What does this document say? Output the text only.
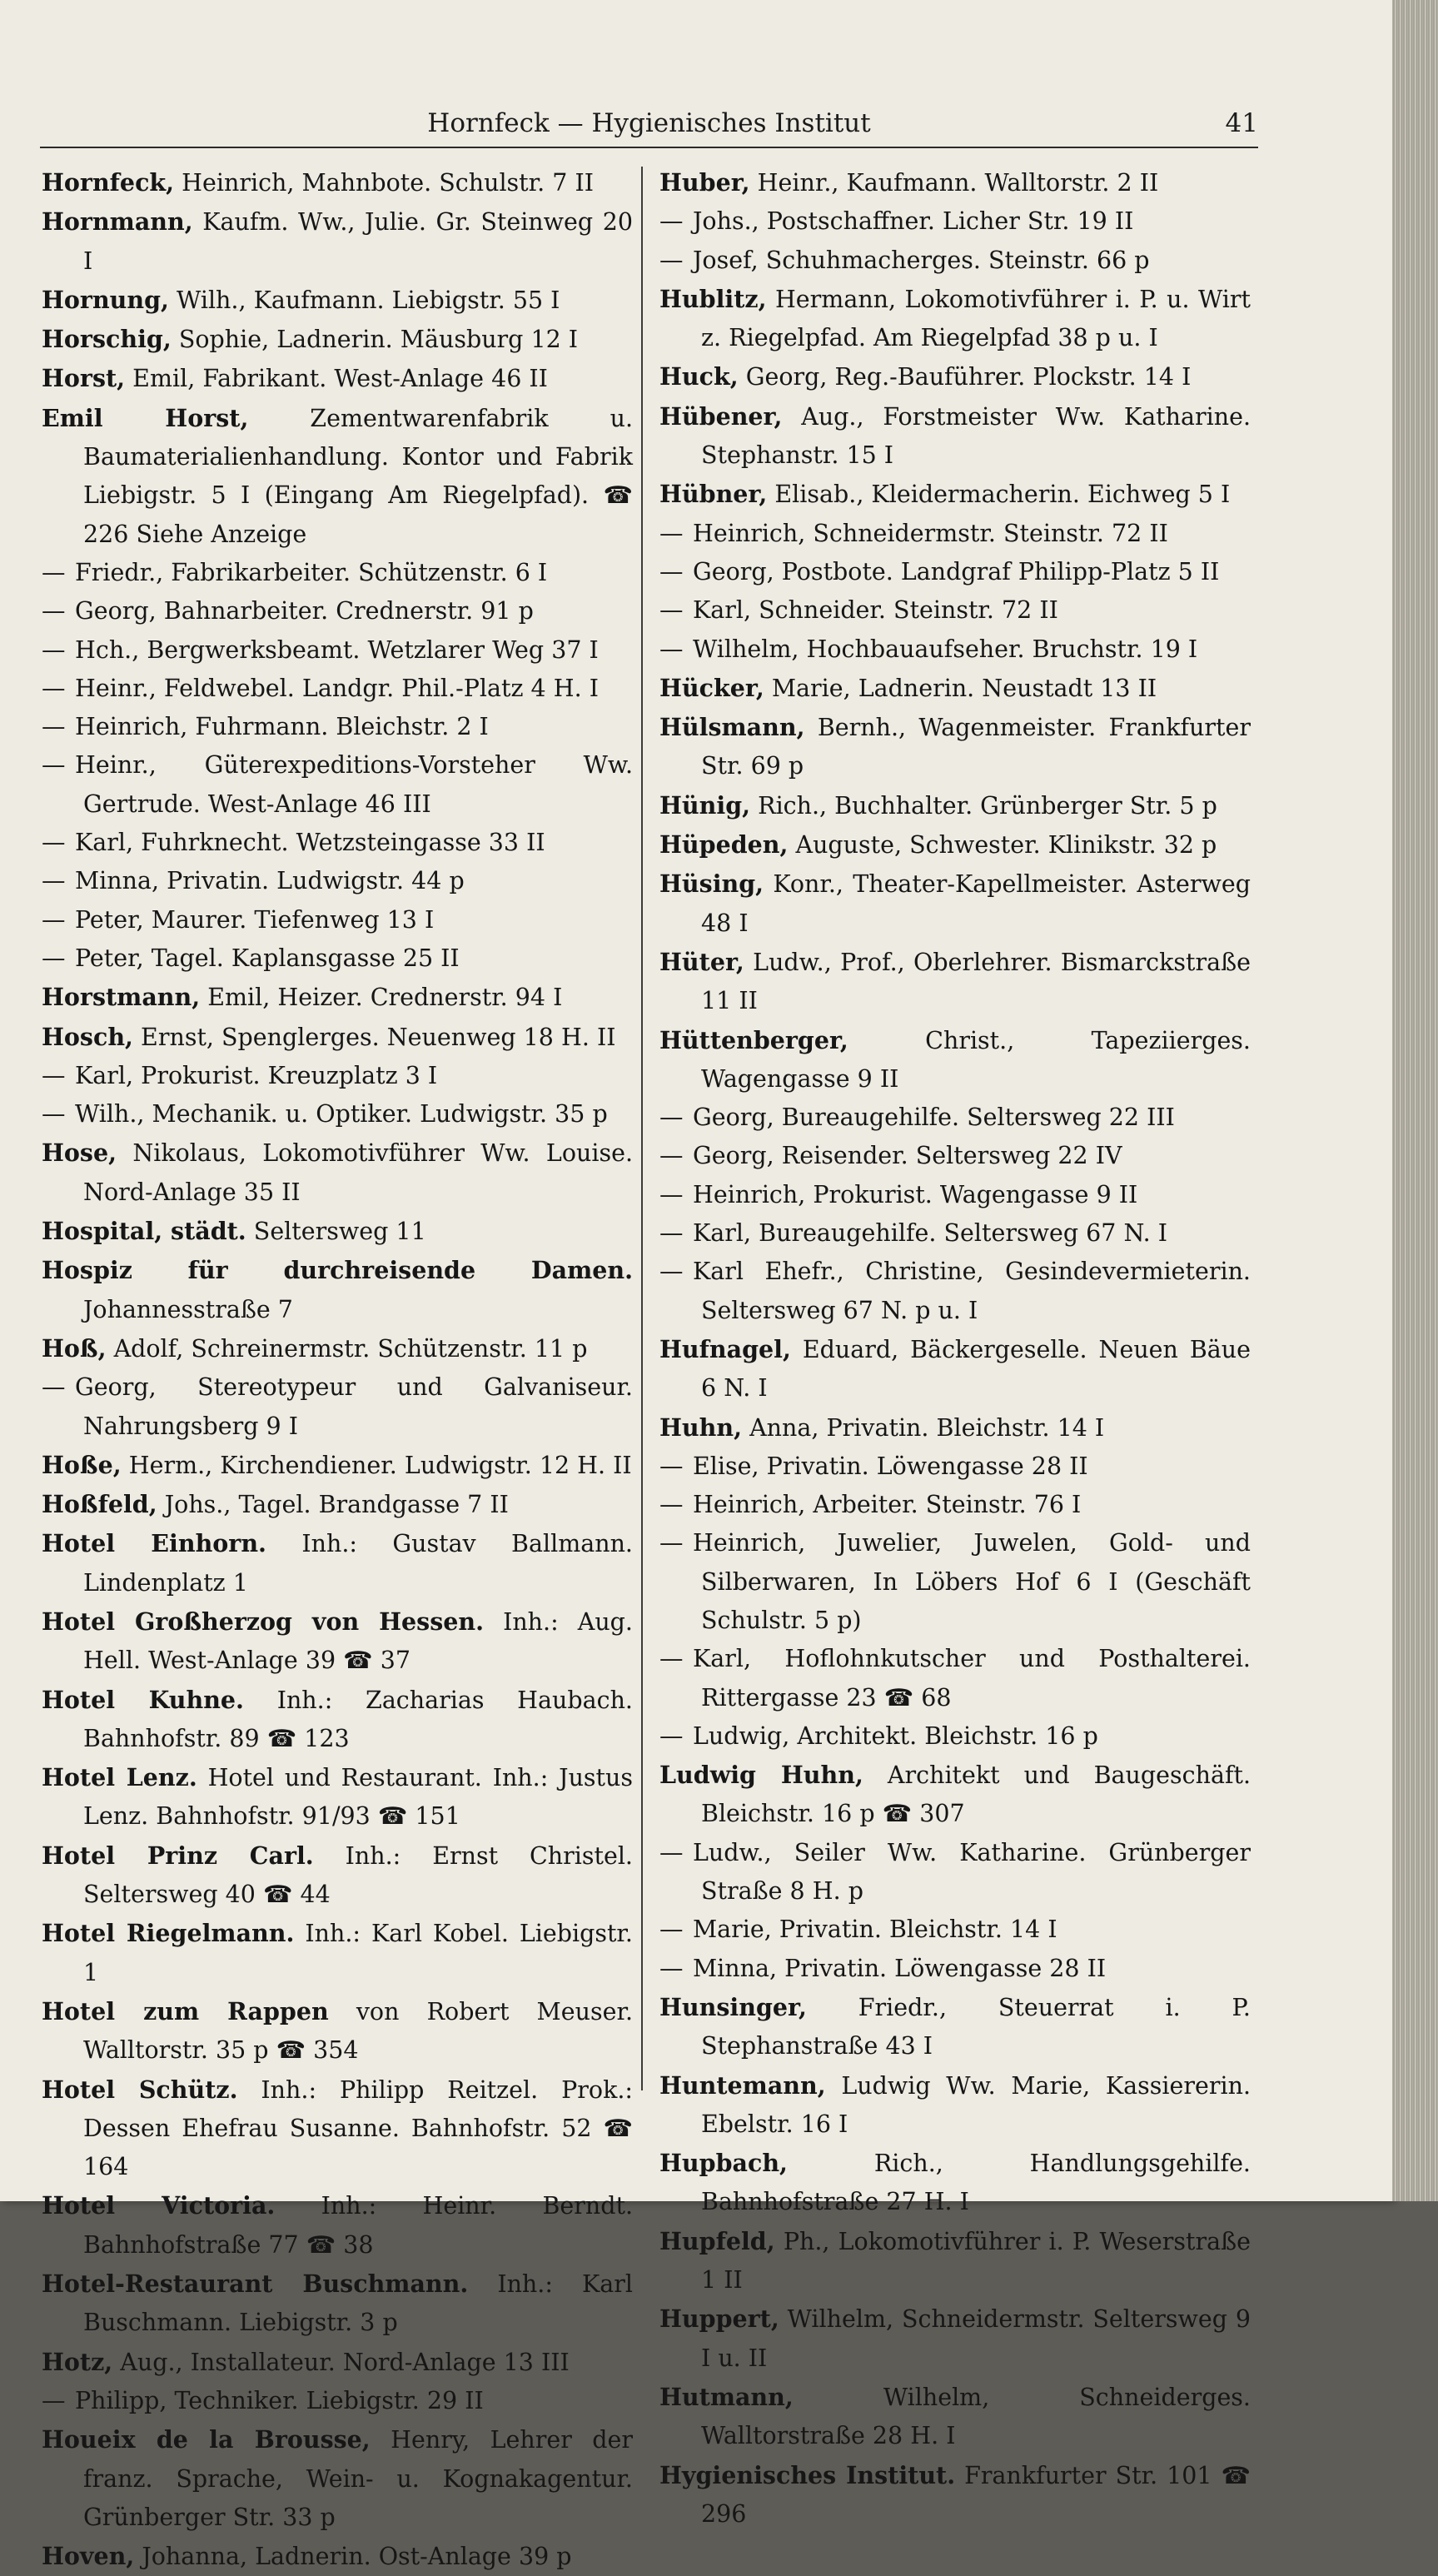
Hornfeck — Hygienisches Institut	41

Hornfeck, Heinrich, Mahnbote. Schulstr. 7 II

Hornmann, Kaufm. Ww., Julie. Gr. Steinweg 20 I

Hornung, Wilh., Kaufmann. Liebigstr. 55 I

Horschig, Sophie, Ladnerin. Mäusburg 12 I

Horst, Emil, Fabrikant. West-Anlage 46 II

Emil Horst,	Zementwarenfabrik u. Baumaterialienhandlung. Kontor und Fabrik Liebigstr. 5 I (Eingang Am Riegelpfad). ☎ 226 Siehe Anzeige

— Friedr., Fabrikarbeiter. Schützenstr. 6 I

— Georg, Bahnarbeiter. Crednerstr. 91 p

— Hch., Bergwerksbeamt. Wetzlarer Weg 37 I

— Heinr., Feldwebel. Landgr. Phil.-Platz 4 H. I

— Heinrich, Fuhrmann. Bleichstr. 2 I

— Heinr., Güterexpeditions-Vorsteher Ww. Gertrude. West-Anlage 46 III

— Karl, Fuhrknecht. Wetzsteingasse 33 II

— Minna, Privatin. Ludwigstr. 44 p

— Peter, Maurer. Tiefenweg 13 I

— Peter, Tagel. Kaplansgasse 25 II

Horstmann, Emil, Heizer. Crednerstr. 94 I

Hosch, Ernst, Spenglerges. Neuenweg 18 H. II

— Karl, Prokurist. Kreuzplatz 3 I

— Wilh., Mechanik. u. Optiker. Ludwigstr. 35 p

Hose, Nikolaus, Lokomotivführer Ww. Louise. Nord-Anlage 35 II

Hospital, städt. Seltersweg 11

Hospiz für durchreisende Damen. Johannesstraße 7

Hoß, Adolf, Schreinermstr. Schützenstr. 11 p

— Georg, Stereotypeur und Galvaniseur. Nahrungsberg 9 I

Hoße, Herm., Kirchendiener. Ludwigstr. 12 H. II

Hoßfeld, Johs., Tagel. Brandgasse 7 II

Hotel Einhorn. Inh.: Gustav Ballmann. Lindenplatz 1

Hotel Großherzog von Hessen. Inh.: Aug. Hell. West-Anlage 39 ☎ 37

Hotel Kuhne. Inh.: Zacharias Haubach. Bahnhofstr. 89 ☎ 123

Hotel Lenz. Hotel und Restaurant. Inh.: Justus Lenz. Bahnhofstr. 91/93 ☎ 151

Hotel Prinz Carl. Inh.: Ernst Christel. Seltersweg 40 ☎ 44

Hotel Riegelmann. Inh.: Karl Kobel. Liebigstr. 1

Hotel zum Rappen von Robert Meuser. Walltorstr. 35 p ☎ 354

Hotel Schütz. Inh.: Philipp Reitzel. Prok.: Dessen Ehefrau Susanne. Bahnhofstr. 52 ☎ 164

Hotel Victoria. Inh.: Heinr. Berndt. Bahnhofstraße 77 ☎ 38

Hotel-Restaurant Buschmann. Inh.: Karl Buschmann. Liebigstr. 3 p

Hotz, Aug., Installateur. Nord-Anlage 13 III

— Philipp, Techniker. Liebigstr. 29 II

Houeix de la Brousse, Henry, Lehrer der franz. Sprache, Wein- u. Kognakagentur. Grünberger Str. 33 p

Hoven, Johanna, Ladnerin. Ost-Anlage 39 p

Huber, Heinr., Kaufmann. Walltorstr. 2 II

— Johs., Postschaffner. Licher Str. 19 II

— Josef, Schuhmacherges. Steinstr. 66 p

Hublitz, Hermann, Lokomotivführer i. P. u. Wirt z. Riegelpfad. Am Riegelpfad 38 p u. I

Huck, Georg, Reg.-Bauführer. Plockstr. 14 I

Hübener, Aug., Forstmeister Ww. Katharine. Stephanstr. 15 I

Hübner, Elisab., Kleidermacherin. Eichweg 5 I

— Heinrich, Schneidermstr. Steinstr. 72 II

— Georg, Postbote. Landgraf Philipp-Platz 5 II

— Karl, Schneider. Steinstr. 72 II

— Wilhelm, Hochbauaufseher. Bruchstr. 19 I

Hücker, Marie, Ladnerin. Neustadt 13 II

Hülsmann, Bernh., Wagenmeister. Frankfurter Str. 69 p

Hünig, Rich., Buchhalter. Grünberger Str. 5 p

Hüpeden, Auguste, Schwester. Klinikstr. 32 p

Hüsing, Konr., Theater-Kapellmeister. Asterweg 48 I

Hüter, Ludw., Prof., Oberlehrer. Bismarckstraße 11 II

Hüttenberger,	Christ., Tapeziierges. Wagengasse 9 II

— Georg, Bureaugehilfe. Seltersweg 22 III

— Georg, Reisender. Seltersweg 22 IV

— Heinrich, Prokurist. Wagengasse 9 II

— Karl, Bureaugehilfe. Seltersweg 67 N. I

— Karl Ehefr., Christine, Gesindevermieterin. Seltersweg 67 N. p u. I

Hufnagel, Eduard, Bäckergeselle. Neuen Bäue 6 N. I

Huhn, Anna, Privatin. Bleichstr. 14 I

— Elise, Privatin. Löwengasse 28 II

— Heinrich, Arbeiter. Steinstr. 76 I

— Heinrich, Juwelier, Juwelen, Gold- und Silberwaren, In Löbers Hof 6 I (Geschäft Schulstr. 5 p)

— Karl, Hoflohnkutscher und Posthalterei. Rittergasse 23 ☎ 68

— Ludwig, Architekt. Bleichstr. 16 p

Ludwig Huhn, Architekt und Baugeschäft. Bleichstr. 16 p ☎ 307

— Ludw., Seiler Ww. Katharine. Grünberger Straße 8 H. p

— Marie, Privatin. Bleichstr. 14 I

— Minna, Privatin. Löwengasse 28 II

Hunsinger, Friedr., Steuerrat i. P. Stephanstraße 43 I

Huntemann, Ludwig Ww. Marie, Kassiererin. Ebelstr. 16 I

Hupbach,	Rich., Handlungsgehilfe. Bahnhofstraße 27 H. I

Hupfeld, Ph., Lokomotivführer i. P. Weserstraße 1 II

Huppert, Wilhelm, Schneidermstr. Seltersweg 9 I u. II

Hutmann,	Wilhelm, Schneiderges. Walltorstraße 28 H. I

Hygienisches Institut. Frankfurter Str. 101 ☎ 296
